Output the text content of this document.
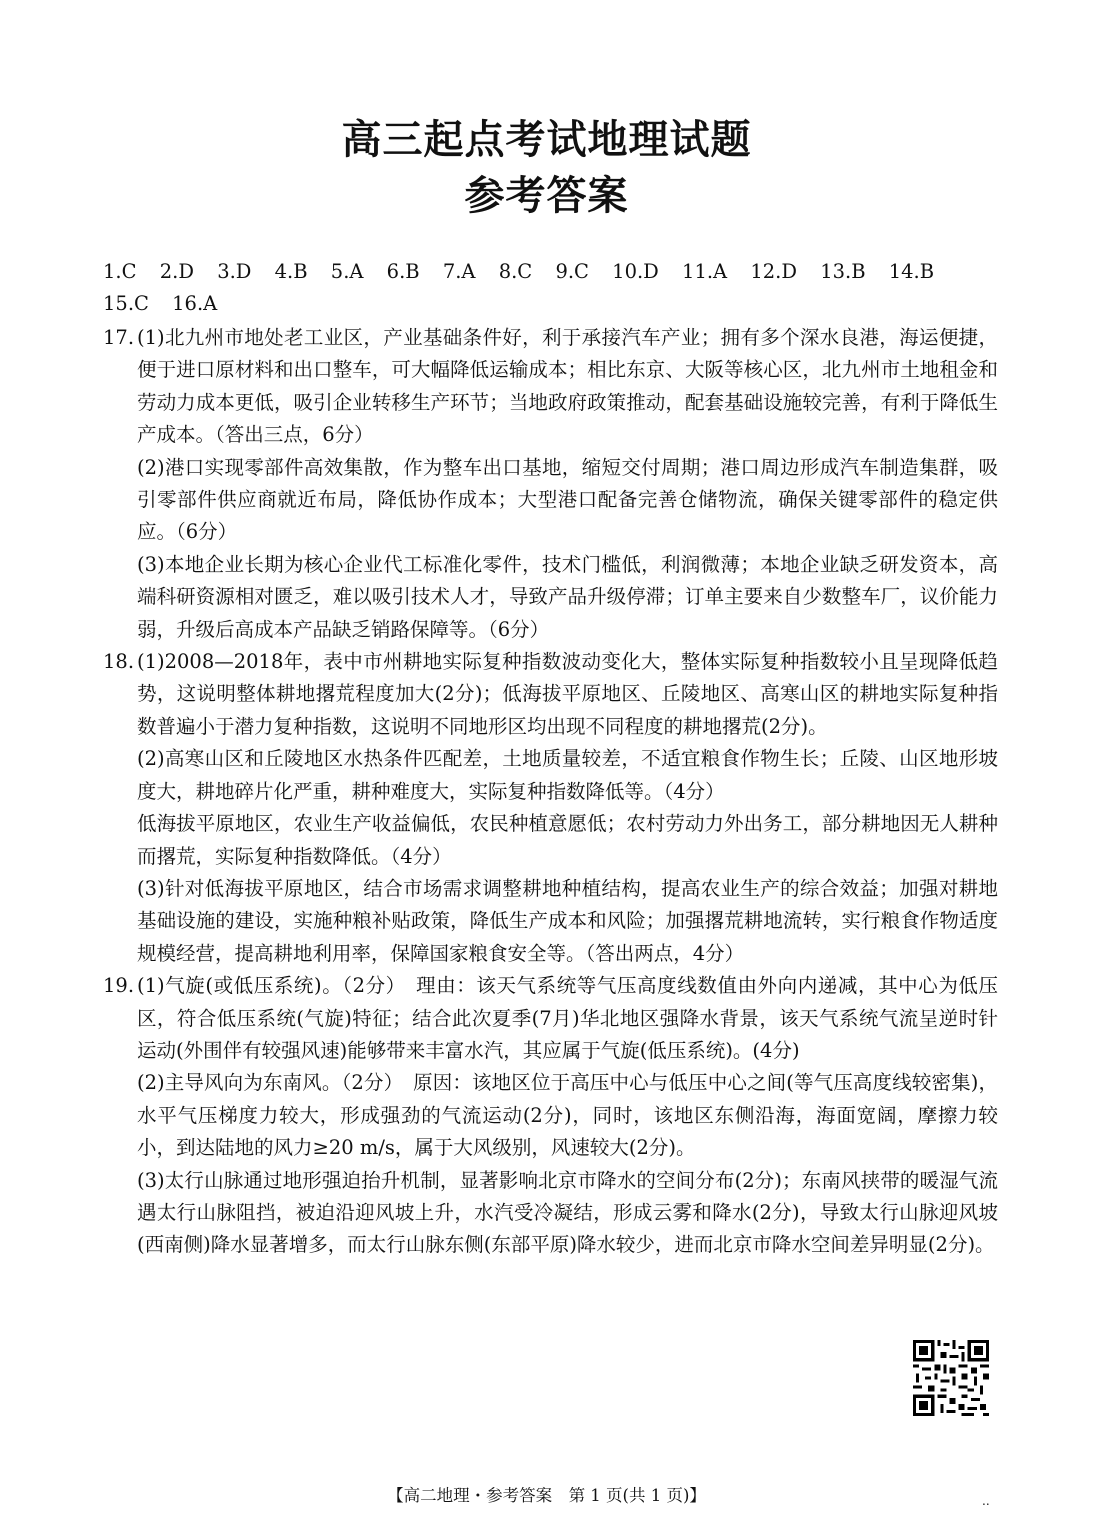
高三起点考试地理试题
参考答案
1.C 2.D 3.D 4.B 5.A 6.B 7.A 8.C 9.C 10.D 11.A 12.D 13.B 14.B 15.C 16.A
17. (1)北九州市地处老工业区，产业基础条件好，利于承接汽车产业；拥有多个深水良港，海运便捷，便于进口原材料和出口整车，可大幅降低运输成本；相比东京、大阪等核心区，北九州市土地租金和劳动力成本更低，吸引企业转移生产环节；当地政府政策推动，配套基础设施较完善，有利于降低生产成本。（答出三点，6分）
(2)港口实现零部件高效集散，作为整车出口基地，缩短交付周期；港口周边形成汽车制造集群，吸引零部件供应商就近布局，降低协作成本；大型港口配备完善仓储物流，确保关键零部件的稳定供应。（6分）
(3)本地企业长期为核心企业代工标准化零件，技术门槛低，利润微薄；本地企业缺乏研发资本，高端科研资源相对匮乏，难以吸引技术人才，导致产品升级停滞；订单主要来自少数整车厂，议价能力弱，升级后高成本产品缺乏销路保障等。（6分）
18. (1)2008—2018年，表中市州耕地实际复种指数波动变化大，整体实际复种指数较小且呈现降低趋势，这说明整体耕地撂荒程度加大(2分)；低海拔平原地区、丘陵地区、高寒山区的耕地实际复种指数普遍小于潜力复种指数，这说明不同地形区均出现不同程度的耕地撂荒(2分)。
(2)高寒山区和丘陵地区水热条件匹配差，土地质量较差，不适宜粮食作物生长；丘陵、山区地形坡度大，耕地碎片化严重，耕种难度大，实际复种指数降低等。（4分）
低海拔平原地区，农业生产收益偏低，农民种植意愿低；农村劳动力外出务工，部分耕地因无人耕种而撂荒，实际复种指数降低。（4分）
(3)针对低海拔平原地区，结合市场需求调整耕地种植结构，提高农业生产的综合效益；加强对耕地基础设施的建设，实施种粮补贴政策，降低生产成本和风险；加强撂荒耕地流转，实行粮食作物适度规模经营，提高耕地利用率，保障国家粮食安全等。（答出两点，4分）
19. (1)气旋(或低压系统)。（2分）　理由：该天气系统等气压高度线数值由外向内递减，其中心为低压区，符合低压系统(气旋)特征；结合此次夏季(7月)华北地区强降水背景，该天气系统气流呈逆时针运动(外围伴有较强风速)能够带来丰富水汽，其应属于气旋(低压系统)。(4分)
(2)主导风向为东南风。（2分）　原因：该地区位于高压中心与低压中心之间(等气压高度线较密集)，水平气压梯度力较大，形成强劲的气流运动(2分)，同时，该地区东侧沿海，海面宽阔，摩擦力较小，到达陆地的风力≥20 m/s，属于大风级别，风速较大(2分)。
(3)太行山脉通过地形强迫抬升机制，显著影响北京市降水的空间分布(2分)；东南风挟带的暖湿气流遇太行山脉阻挡，被迫沿迎风坡上升，水汽受冷凝结，形成云雾和降水(2分)，导致太行山脉迎风坡(西南侧)降水显著增多，而太行山脉东侧(东部平原)降水较少，进而北京市降水空间差异明显(2分)。
【高二地理・参考答案　第 1 页(共 1 页)】	..
